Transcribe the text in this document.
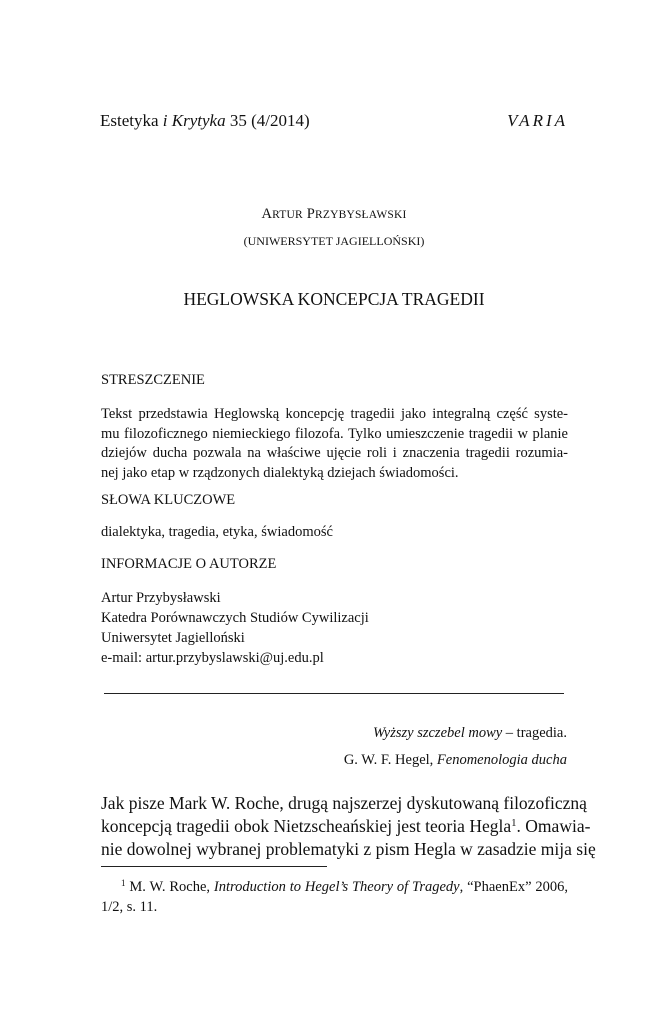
Estetyka i Krytyka 35 (4/2014)	VARIA
ARTUR PRZYBYSŁAWSKI
(UNIWERSYTET JAGIELLOŃSKI)
HEGLOWSKA KONCEPCJA TRAGEDII
STRESZCZENIE
Tekst przedstawia Heglowską koncepcję tragedii jako integralną część syste-
mu filozoficznego niemieckiego filozofa. Tylko umieszczenie tragedii w planie
dziejów ducha pozwala na właściwe ujęcie roli i znaczenia tragedii rozumia-
nej jako etap w rządzonych dialektyką dziejach świadomości.
SŁOWA KLUCZOWE
dialektyka, tragedia, etyka, świadomość
INFORMACJE O AUTORZE
Artur Przybysławski
Katedra Porównawczych Studiów Cywilizacji
Uniwersytet Jagielloński
e-mail: artur.przybyslawski@uj.edu.pl
Wyższy szczebel mowy – tragedia.
G. W. F. Hegel, Fenomenologia ducha
Jak pisze Mark W. Roche, drugą najszerzej dyskutowaną filozoficzną
koncepcją tragedii obok Nietzscheańskiej jest teoria Hegla$^1$. Omawia-
nie dowolnej wybranej problematyki z pism Hegla w zasadzie mija się
$^1$ M. W. Roche, Introduction to Hegel’s Theory of Tragedy, “PhaenEx” 2006,
1/2, s. 11.
